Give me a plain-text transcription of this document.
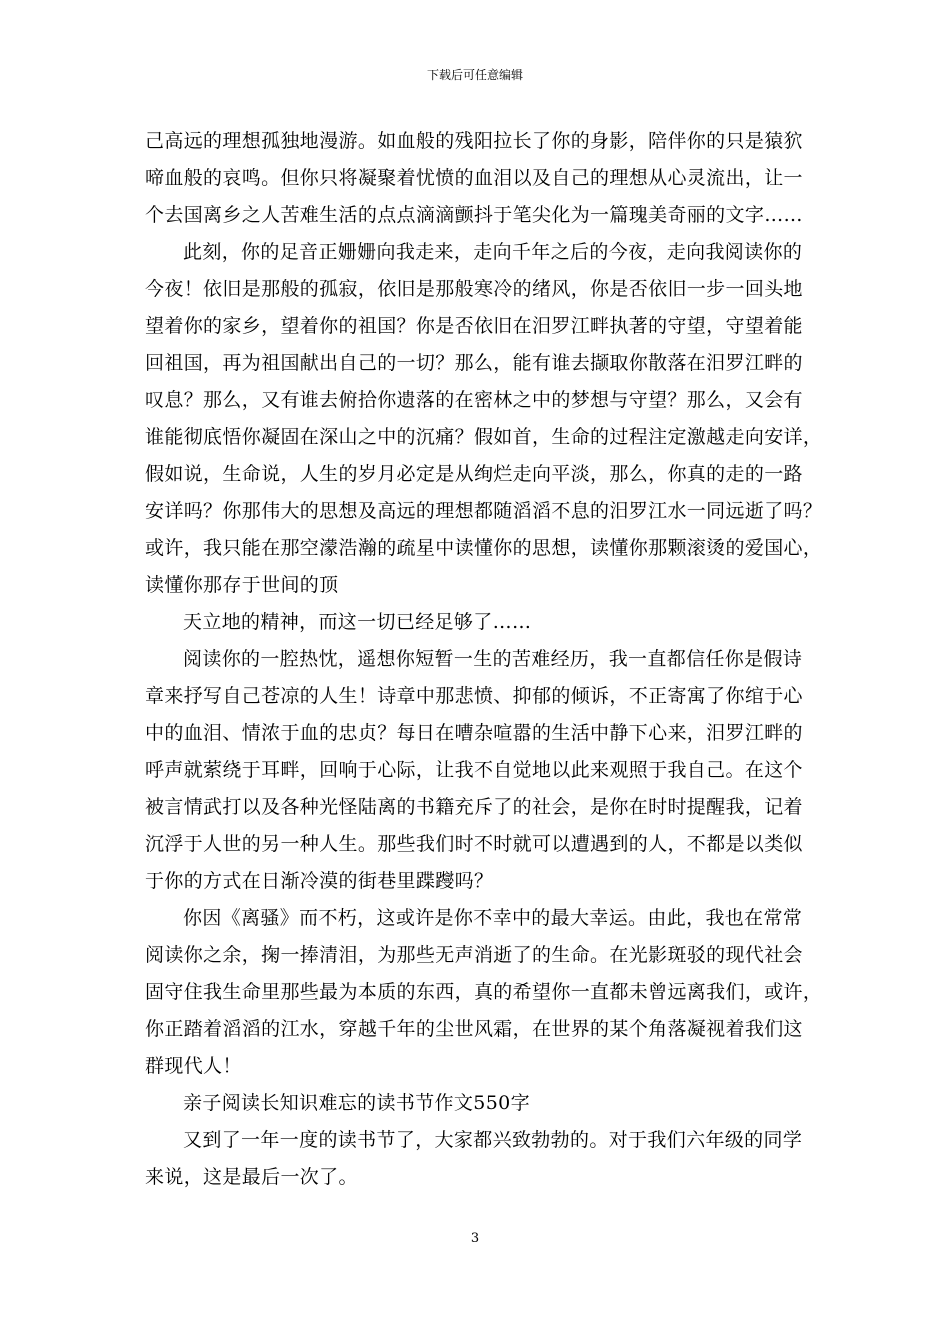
下载后可任意编辑
己高远的理想孤独地漫游。如血般的残阳拉长了你的身影，陪伴你的只是猿狖
啼血般的哀鸣。但你只将凝聚着忧愤的血泪以及自己的理想从心灵流出，让一
个去国离乡之人苦难生活的点点滴滴颤抖于笔尖化为一篇瑰美奇丽的文字……
此刻，你的足音正姗姗向我走来，走向千年之后的今夜，走向我阅读你的
今夜！依旧是那般的孤寂，依旧是那般寒冷的绪风，你是否依旧一步一回头地
望着你的家乡，望着你的祖国？你是否依旧在汨罗江畔执著的守望，守望着能
回祖国，再为祖国献出自己的一切？那么，能有谁去撷取你散落在汨罗江畔的
叹息？那么，又有谁去俯拾你遗落的在密林之中的梦想与守望？那么，又会有
谁能彻底悟你凝固在深山之中的沉痛？假如首，生命的过程注定激越走向安详，
假如说，生命说，人生的岁月必定是从绚烂走向平淡，那么，你真的走的一路
安详吗？你那伟大的思想及高远的理想都随滔滔不息的汨罗江水一同远逝了吗？
或许，我只能在那空濛浩瀚的疏星中读懂你的思想，读懂你那颗滚烫的爱国心，
读懂你那存于世间的顶
天立地的精神，而这一切已经足够了……
阅读你的一腔热忱，遥想你短暂一生的苦难经历，我一直都信任你是假诗
章来抒写自己苍凉的人生！诗章中那悲愤、抑郁的倾诉，不正寄寓了你绾于心
中的血泪、情浓于血的忠贞？每日在嘈杂喧嚣的生活中静下心来，汨罗江畔的
呼声就萦绕于耳畔，回响于心际，让我不自觉地以此来观照于我自己。在这个
被言情武打以及各种光怪陆离的书籍充斥了的社会，是你在时时提醒我，记着
沉浮于人世的另一种人生。那些我们时不时就可以遭遇到的人，不都是以类似
于你的方式在日渐冷漠的街巷里蹀躞吗？
你因《离骚》而不朽，这或许是你不幸中的最大幸运。由此，我也在常常
阅读你之余，掬一捧清泪，为那些无声消逝了的生命。在光影斑驳的现代社会
固守住我生命里那些最为本质的东西，真的希望你一直都未曾远离我们，或许，
你正踏着滔滔的江水，穿越千年的尘世风霜，在世界的某个角落凝视着我们这
群现代人！
亲子阅读长知识难忘的读书节作文550字
又到了一年一度的读书节了，大家都兴致勃勃的。对于我们六年级的同学
来说，这是最后一次了。
3
